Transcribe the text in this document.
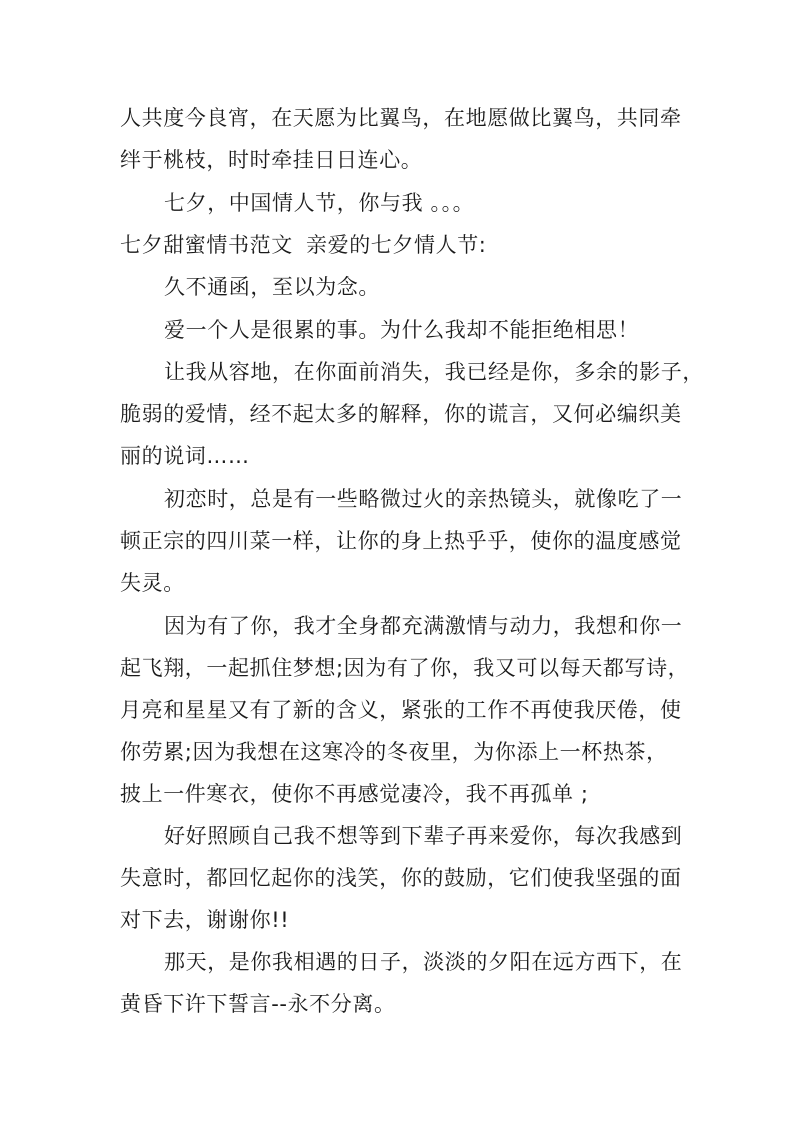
人共度今良宵，在天愿为比翼鸟，在地愿做比翼鸟，共同牵
绊于桃枝，时时牵挂日日连心。
七夕，中国情人节，你与我 。。。
七夕甜蜜情书范文 亲爱的七夕情人节:
久不通函，至以为念。
爱一个人是很累的事。为什么我却不能拒绝相思！
让我从容地，在你面前消失，我已经是你，多余的影子，
脆弱的爱情，经不起太多的解释，你的谎言，又何必编织美
丽的说词……
初恋时，总是有一些略微过火的亲热镜头，就像吃了一
顿正宗的四川菜一样，让你的身上热乎乎，使你的温度感觉
失灵。
因为有了你，我才全身都充满激情与动力，我想和你一
起飞翔，一起抓住梦想;因为有了你，我又可以每天都写诗，
月亮和星星又有了新的含义，紧张的工作不再使我厌倦，使
你劳累;因为我想在这寒冷的冬夜里，为你添上一杯热茶，
披上一件寒衣，使你不再感觉凄冷，我不再孤单 ;
好好照顾自己我不想等到下辈子再来爱你，每次我感到
失意时，都回忆起你的浅笑，你的鼓励，它们使我坚强的面
对下去，谢谢你!!
那天，是你我相遇的日子，淡淡的夕阳在远方西下，在
黄昏下许下誓言--永不分离。
